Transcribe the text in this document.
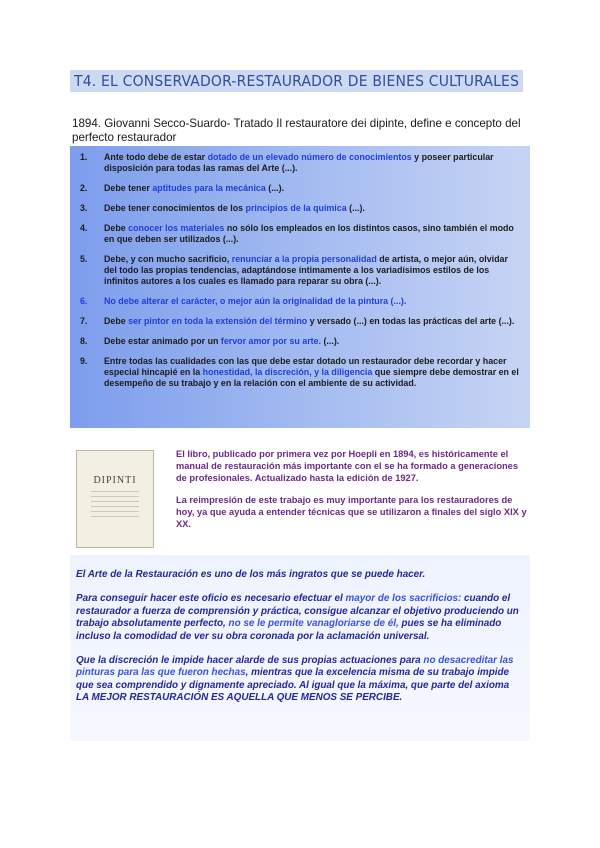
T4. EL CONSERVADOR-RESTAURADOR DE BIENES CULTURALES
1894. Giovanni Secco-Suardo- Tratado Il restauratore dei dipinte, define e concepto del perfecto restaurador
1. Ante todo debe de estar dotado de un elevado número de conocimientos y poseer particular disposición para todas las ramas del Arte (...).
2. Debe tener aptitudes para la mecánica (...).
3. Debe tener conocimientos de los principios de la química (...).
4. Debe conocer los materiales no sólo los empleados en los distintos casos, sino también el modo en que deben ser utilizados (...).
5. Debe, y con mucho sacrificio, renunciar a la propia personalidad de artista, o mejor aún, olvidar del todo las propias tendencias, adaptándose íntimamente a los variadísimos estilos de los infinitos autores a los cuales es llamado para reparar su obra (...).
6. No debe alterar el carácter, o mejor aún la originalidad de la pintura (...).
7. Debe ser pintor en toda la extensión del término y versado (...) en todas las prácticas del arte (...).
8. Debe estar animado por un fervor amor por su arte. (...).
9. Entre todas las cualidades con las que debe estar dotado un restaurador debe recordar y hacer especial hincapié en la honestidad, la discreción, y la diligencia que siempre debe demostrar en el desempeño de su trabajo y en la relación con el ambiente de su actividad.
DIPINTI

El libro, publicado por primera vez por Hoepli en 1894, es históricamente el manual de restauración más importante con el se ha formado a generaciones de profesionales. Actualizado hasta la edición de 1927.

La reimpresión de este trabajo es muy importante para los restauradores de hoy, ya que ayuda a entender técnicas que se utilizaron a finales del siglo XIX y XX.

El Arte de la Restauración es uno de los más ingratos que se puede hacer.

Para conseguir hacer este oficio es necesario efectuar el mayor de los sacrificios: cuando el restaurador a fuerza de comprensión y práctica, consigue alcanzar el objetivo produciendo un trabajo absolutamente perfecto, no se le permite vanagloriarse de él, pues se ha eliminado incluso la comodidad de ver su obra coronada por la aclamación universal.

Que la discreción le impide hacer alarde de sus propias actuaciones para no desacreditar las pinturas para las que fueron hechas, mientras que la excelencia misma de su trabajo impide que sea comprendido y dignamente apreciado. Al igual que la máxima, que parte del axioma LA MEJOR RESTAURACIÓN ES AQUELLA QUE MENOS SE PERCIBE.
